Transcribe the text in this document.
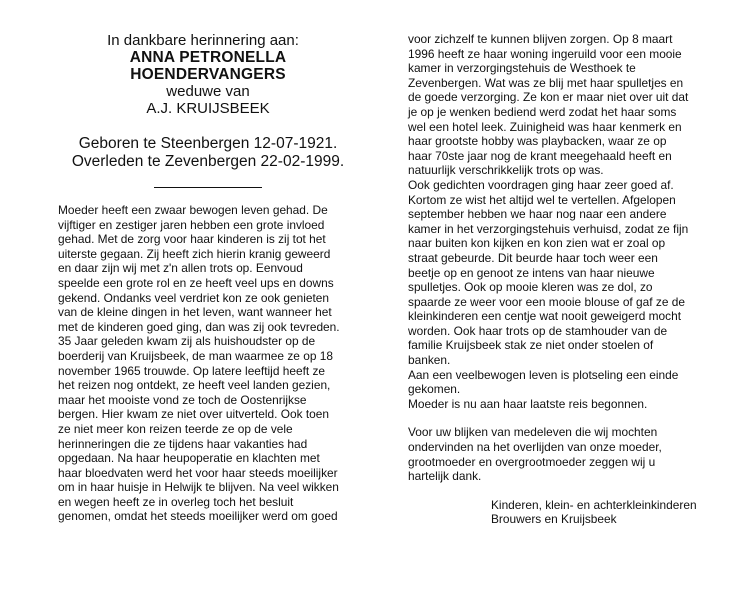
In dankbare herinnering aan:
ANNA PETRONELLA
HOENDERVANGERS
weduwe van
A.J. KRUIJSBEEK
Geboren te Steenbergen 12-07-1921.
Overleden te Zevenbergen 22-02-1999.
Moeder heeft een zwaar bewogen leven gehad. De
vijftiger en zestiger jaren hebben een grote invloed
gehad. Met de zorg voor haar kinderen is zij tot het
uiterste gegaan. Zij heeft zich hierin kranig geweerd
en daar zijn wij met z'n allen trots op. Eenvoud
speelde een grote rol en ze heeft veel ups en downs
gekend. Ondanks veel verdriet kon ze ook genieten
van de kleine dingen in het leven, want wanneer het
met de kinderen goed ging, dan was zij ook tevreden.
35 Jaar geleden kwam zij als huishoudster op de
boerderij van Kruijsbeek, de man waarmee ze op 18
november 1965 trouwde. Op latere leeftijd heeft ze
het reizen nog ontdekt, ze heeft veel landen gezien,
maar het mooiste vond ze toch de Oostenrijkse
bergen. Hier kwam ze niet over uitverteld. Ook toen
ze niet meer kon reizen teerde ze op de vele
herinneringen die ze tijdens haar vakanties had
opgedaan. Na haar heupoperatie en klachten met
haar bloedvaten werd het voor haar steeds moeilijker
om in haar huisje in Helwijk te blijven. Na veel wikken
en wegen heeft ze in overleg toch het besluit
genomen, omdat het steeds moeilijker werd om goed
voor zichzelf te kunnen blijven zorgen. Op 8 maart
1996 heeft ze haar woning ingeruild voor een mooie
kamer in verzorgingstehuis de Westhoek te
Zevenbergen. Wat was ze blij met haar spulletjes en
de goede verzorging. Ze kon er maar niet over uit dat
je op je wenken bediend werd zodat het haar soms
wel een hotel leek. Zuinigheid was haar kenmerk en
haar grootste hobby was playbacken, waar ze op
haar 70ste jaar nog de krant meegehaald heeft en
natuurlijk verschrikkelijk trots op was.
Ook gedichten voordragen ging haar zeer goed af.
Kortom ze wist het altijd wel te vertellen. Afgelopen
september hebben we haar nog naar een andere
kamer in het verzorgingstehuis verhuisd, zodat ze fijn
naar buiten kon kijken en kon zien wat er zoal op
straat gebeurde. Dit beurde haar toch weer een
beetje op en genoot ze intens van haar nieuwe
spulletjes. Ook op mooie kleren was ze dol, zo
spaarde ze weer voor een mooie blouse of gaf ze de
kleinkinderen een centje wat nooit geweigerd mocht
worden. Ook haar trots op de stamhouder van de
familie Kruijsbeek stak ze niet onder stoelen of
banken.
Aan een veelbewogen leven is plotseling een einde
gekomen.
Moeder is nu aan haar laatste reis begonnen.
Voor uw blijken van medeleven die wij mochten
ondervinden na het overlijden van onze moeder,
grootmoeder en overgrootmoeder zeggen wij u
hartelijk dank.
Kinderen, klein- en achterkleinkinderen
Brouwers en Kruijsbeek
